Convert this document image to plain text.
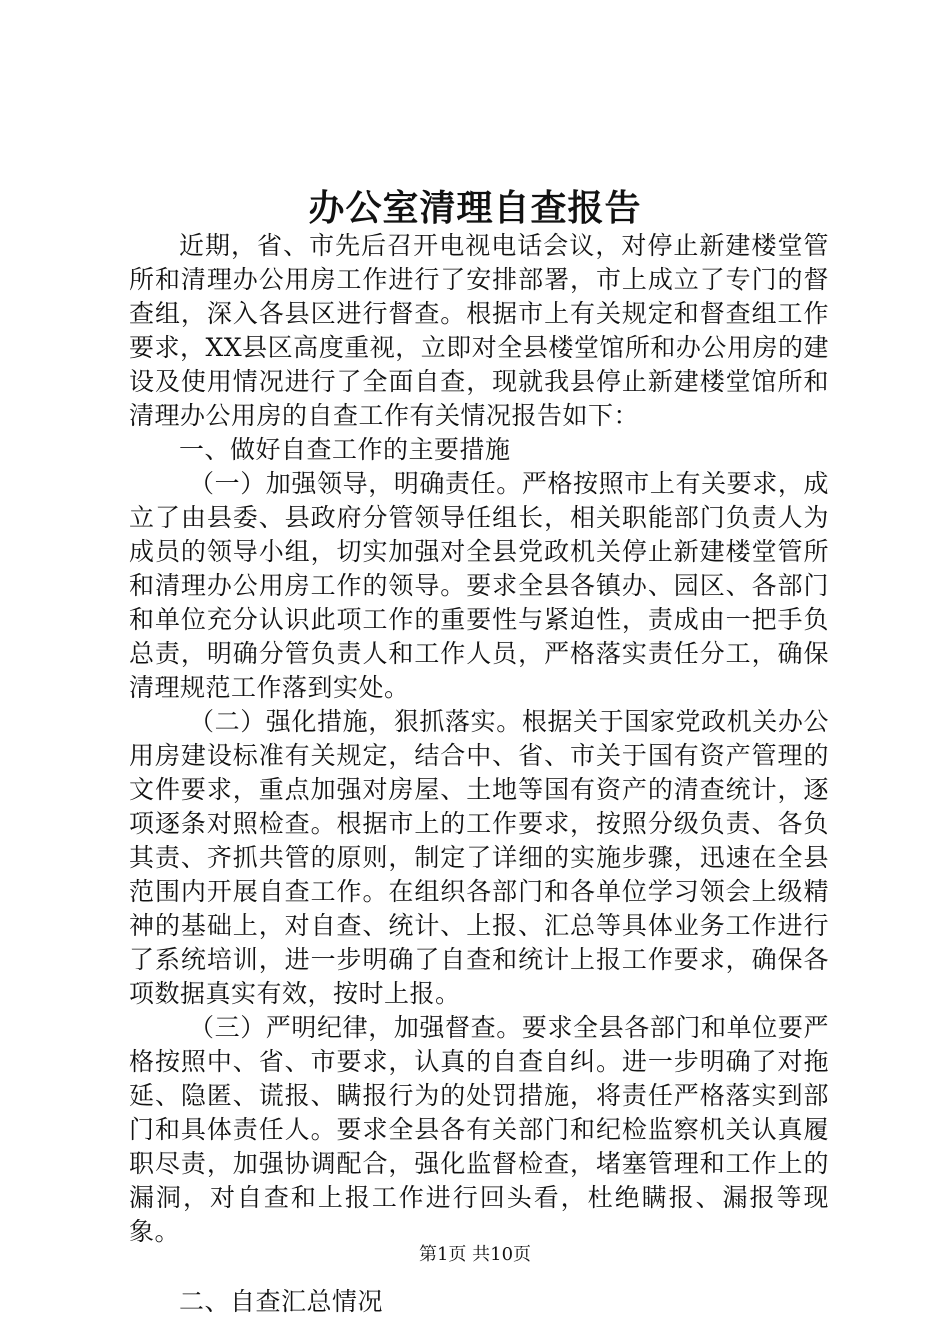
办公室清理自查报告

近期，省、市先后召开电视电话会议，对停止新建楼堂管所和清理办公用房工作进行了安排部署，市上成立了专门的督查组，深入各县区进行督查。根据市上有关规定和督查组工作要求，XX县区高度重视，立即对全县楼堂馆所和办公用房的建设及使用情况进行了全面自查，现就我县停止新建楼堂馆所和清理办公用房的自查工作有关情况报告如下：

一、做好自查工作的主要措施

（一）加强领导，明确责任。严格按照市上有关要求，成立了由县委、县政府分管领导任组长，相关职能部门负责人为成员的领导小组，切实加强对全县党政机关停止新建楼堂管所和清理办公用房工作的领导。要求全县各镇办、园区、各部门和单位充分认识此项工作的重要性与紧迫性，责成由一把手负总责，明确分管负责人和工作人员，严格落实责任分工，确保清理规范工作落到实处。

（二）强化措施，狠抓落实。根据关于国家党政机关办公用房建设标准有关规定，结合中、省、市关于国有资产管理的文件要求，重点加强对房屋、土地等国有资产的清查统计，逐项逐条对照检查。根据市上的工作要求，按照分级负责、各负其责、齐抓共管的原则，制定了详细的实施步骤，迅速在全县范围内开展自查工作。在组织各部门和各单位学习领会上级精神的基础上，对自查、统计、上报、汇总等具体业务工作进行了系统培训，进一步明确了自查和统计上报工作要求，确保各项数据真实有效，按时上报。

（三）严明纪律，加强督查。要求全县各部门和单位要严格按照中、省、市要求，认真的自查自纠。进一步明确了对拖延、隐匿、谎报、瞒报行为的处罚措施，将责任严格落实到部门和具体责任人。要求全县各有关部门和纪检监察机关认真履职尽责，加强协调配合，强化监督检查，堵塞管理和工作上的漏洞，对自查和上报工作进行回头看，杜绝瞒报、漏报等现象。

二、自查汇总情况

第1页 共10页
